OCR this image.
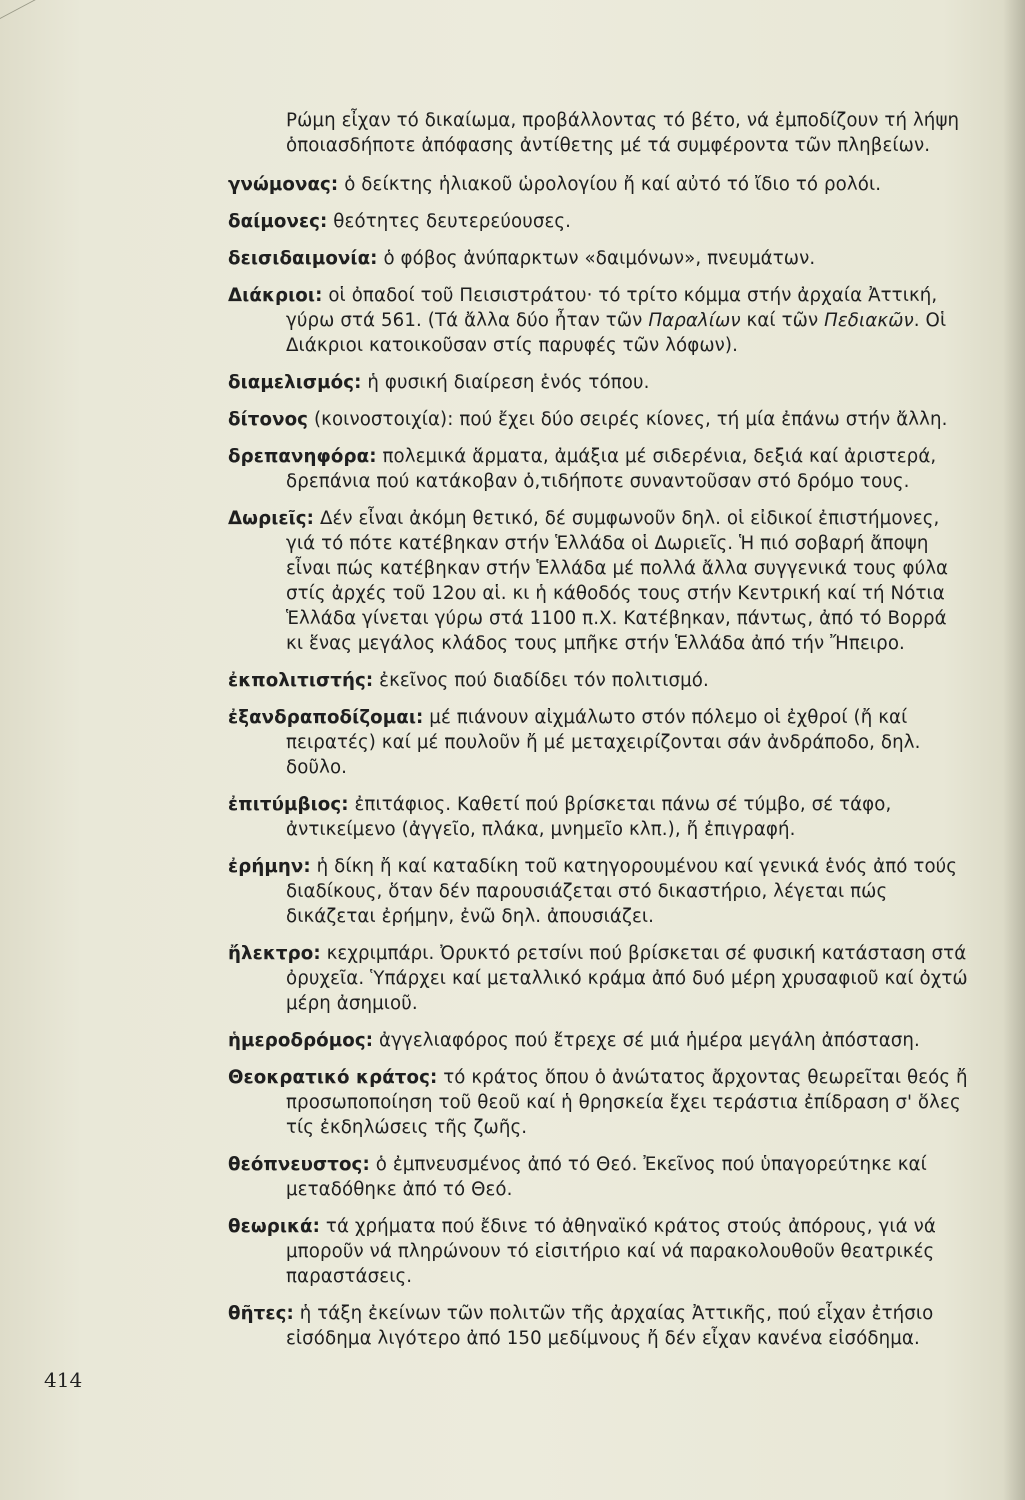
Ρώμη εἶχαν τό δικαίωμα, προβάλλοντας τό βέτο, νά ἐμποδίζουν τή λήψη ὁποιασδήποτε ἀπόφασης ἀντίθετης μέ τά συμφέροντα τῶν πληβείων.
γνώμονας: ὁ δείκτης ἡλιακοῦ ὡρολογίου ἤ καί αὐτό τό ἴδιο τό ρολόι.
δαίμονες: θεότητες δευτερεύουσες.
δεισιδαιμονία: ὁ φόβος ἀνύπαρκτων «δαιμόνων», πνευμάτων.
Διάκριοι: οἱ ὀπαδοί τοῦ Πεισιστράτου· τό τρίτο κόμμα στήν ἀρχαία Ἀττική, γύρω στά 561. (Τά ἄλλα δύο ἦταν τῶν Παραλίων καί τῶν Πεδιακῶν. Οἱ Διάκριοι κατοικοῦσαν στίς παρυφές τῶν λόφων).
διαμελισμός: ἡ φυσική διαίρεση ἑνός τόπου.
δίτονος (κοινοστοιχία): πού ἔχει δύο σειρές κίονες, τή μία ἐπάνω στήν ἄλλη.
δρεπανηφόρα: πολεμικά ἅρματα, ἀμάξια μέ σιδερένια, δεξιά καί ἀριστερά, δρεπάνια πού κατάκοβαν ὁ,τιδήποτε συναντοῦσαν στό δρόμο τους.
Δωριεῖς: Δέν εἶναι ἀκόμη θετικό, δέ συμφωνοῦν δηλ. οἱ εἰδικοί ἐπιστήμονες, γιά τό πότε κατέβηκαν στήν Ἑλλάδα οἱ Δωριεῖς. Ἡ πιό σοβαρή ἄποψη εἶναι πώς κατέβηκαν στήν Ἑλλάδα μέ πολλά ἄλλα συγγενικά τους φύλα στίς ἀρχές τοῦ 12ου αἱ. κι ἡ κάθοδός τους στήν Κεντρική καί τή Νότια Ἑλλάδα γίνεται γύρω στά 1100 π.Χ. Κατέβηκαν, πάντως, ἀπό τό Βορρά κι ἕνας μεγάλος κλάδος τους μπῆκε στήν Ἑλλάδα ἀπό τήν Ἤπειρο.
ἐκπολιτιστής: ἐκεῖνος πού διαδίδει τόν πολιτισμό.
ἐξανδραποδίζομαι: μέ πιάνουν αἰχμάλωτο στόν πόλεμο οἱ ἐχθροί (ἤ καί πειρατές) καί μέ πουλοῦν ἤ μέ μεταχειρίζονται σάν ἀνδράποδο, δηλ. δοῦλο.
ἐπιτύμβιος: ἐπιτάφιος. Καθετί πού βρίσκεται πάνω σέ τύμβο, σέ τάφο, ἀντικείμενο (ἀγγεῖο, πλάκα, μνημεῖο κλπ.), ἤ ἐπιγραφή.
ἐρήμην: ἡ δίκη ἤ καί καταδίκη τοῦ κατηγορουμένου καί γενικά ἑνός ἀπό τούς διαδίκους, ὅταν δέν παρουσιάζεται στό δικαστήριο, λέγεται πώς δικάζεται ἐρήμην, ἐνῶ δηλ. ἀπουσιάζει.
ἤλεκτρο: κεχριμπάρι. Ὀρυκτό ρετσίνι πού βρίσκεται σέ φυσική κατάσταση στά ὀρυχεῖα. Ὑπάρχει καί μεταλλικό κράμα ἀπό δυό μέρη χρυσαφιοῦ καί ὀχτώ μέρη ἀσημιοῦ.
ἡμεροδρόμος: ἀγγελιαφόρος πού ἔτρεχε σέ μιά ἡμέρα μεγάλη ἀπόσταση.
Θεοκρατικό κράτος: τό κράτος ὅπου ὁ ἀνώτατος ἄρχοντας θεωρεῖται θεός ἤ προσωποποίηση τοῦ θεοῦ καί ἡ θρησκεία ἔχει τεράστια ἐπίδραση σ' ὅλες τίς ἐκδηλώσεις τῆς ζωῆς.
θεόπνευστος: ὁ ἐμπνευσμένος ἀπό τό Θεό. Ἐκεῖνος πού ὑπαγορεύτηκε καί μεταδόθηκε ἀπό τό Θεό.
θεωρικά: τά χρήματα πού ἔδινε τό ἀθηναϊκό κράτος στούς ἀπόρους, γιά νά μποροῦν νά πληρώνουν τό εἰσιτήριο καί νά παρακολουθοῦν θεατρικές παραστάσεις.
θῆτες: ἡ τάξη ἐκείνων τῶν πολιτῶν τῆς ἀρχαίας Ἀττικῆς, πού εἶχαν ἐτήσιο εἰσόδημα λιγότερο ἀπό 150 μεδίμνους ἤ δέν εἶχαν κανένα εἰσόδημα.
414
